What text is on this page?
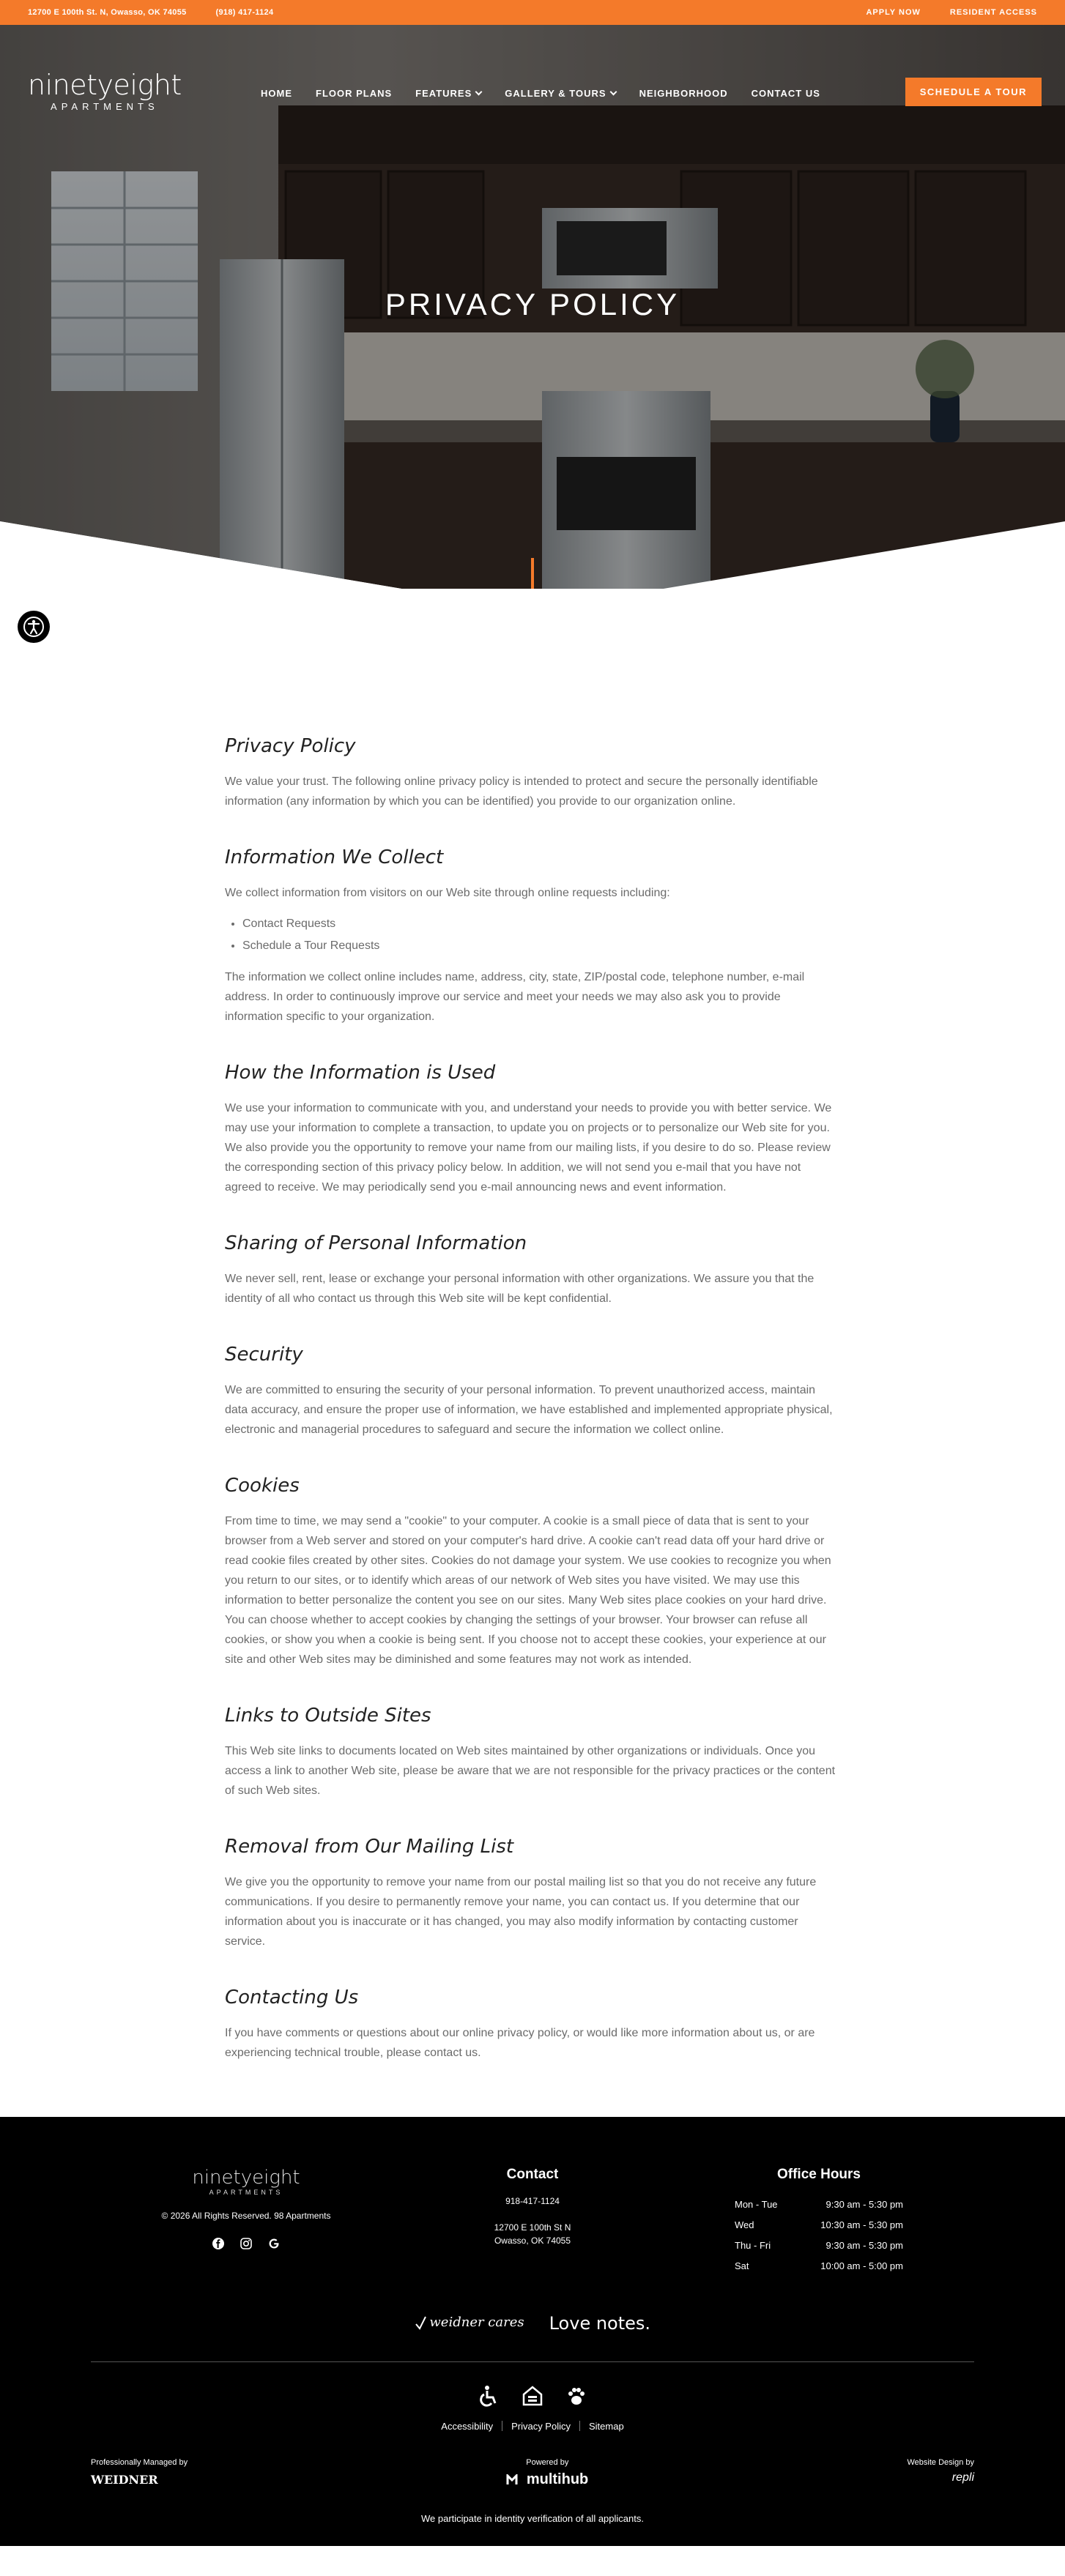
12700 E 100th St. N, Owasso, OK 74055	(918) 417-1124	APPLY NOW	RESIDENT ACCESS
ninetyeight
APARTMENTS
HOME FLOOR PLANS FEATURES	GALLERY & TOURS	NEIGHBORHOOD CONTACT US	SCHEDULE A TOUR
PRIVACY POLICY
Privacy Policy

We value your trust. The following online privacy policy is intended to protect and secure the personally identifiable information (any information by which you can be identified) you provide to our organization online.

Information We Collect

We collect information from visitors on our Web site through online requests including:

• Contact Requests
• Schedule a Tour Requests

The information we collect online includes name, address, city, state, ZIP/postal code, telephone number, e-mail address. In order to continuously improve our service and meet your needs we may also ask you to provide information specific to your organization.

How the Information is Used

We use your information to communicate with you, and understand your needs to provide you with better service. We may use your information to complete a transaction, to update you on projects or to personalize our Web site for you. We also provide you the opportunity to remove your name from our mailing lists, if you desire to do so. Please review the corresponding section of this privacy policy below. In addition, we will not send you e-mail that you have not agreed to receive. We may periodically send you e-mail announcing news and event information.

Sharing of Personal Information

We never sell, rent, lease or exchange your personal information with other organizations. We assure you that the identity of all who contact us through this Web site will be kept confidential.

Security

We are committed to ensuring the security of your personal information. To prevent unauthorized access, maintain data accuracy, and ensure the proper use of information, we have established and implemented appropriate physical, electronic and managerial procedures to safeguard and secure the information we collect online.

Cookies

From time to time, we may send a "cookie" to your computer. A cookie is a small piece of data that is sent to your browser from a Web server and stored on your computer's hard drive. A cookie can't read data off your hard drive or read cookie files created by other sites. Cookies do not damage your system. We use cookies to recognize you when you return to our sites, or to identify which areas of our network of Web sites you have visited. We may use this information to better personalize the content you see on our sites. Many Web sites place cookies on your hard drive. You can choose whether to accept cookies by changing the settings of your browser. Your browser can refuse all cookies, or show you when a cookie is being sent. If you choose not to accept these cookies, your experience at our site and other Web sites may be diminished and some features may not work as intended.

Links to Outside Sites

This Web site links to documents located on Web sites maintained by other organizations or individuals. Once you access a link to another Web site, please be aware that we are not responsible for the privacy practices or the content of such Web sites.

Removal from Our Mailing List

We give you the opportunity to remove your name from our postal mailing list so that you do not receive any future communications. If you desire to permanently remove your name, you can contact us. If you determine that our information about you is inaccurate or it has changed, you may also modify information by contacting customer service.

Contacting Us

If you have comments or questions about our online privacy policy, or would like more information about us, or are experiencing technical trouble, please contact us.

ninetyeight
APARTMENTS
© 2026 All Rights Reserved. 98 Apartments
Contact
918-417-1124
12700 E 100th St N
Owasso, OK 74055
Office Hours
Mon - Tue	9:30 am - 5:30 pm
Wed	10:30 am - 5:30 pm
Thu - Fri	9:30 am - 5:30 pm
Sat	10:00 am - 5:00 pm
weidner cares Love notes.
Accessibility	Privacy Policy	Sitemap
Professionally Managed by
WEIDNER
Powered by
multihub
Website Design by
repli
We participate in identity verification of all applicants.
